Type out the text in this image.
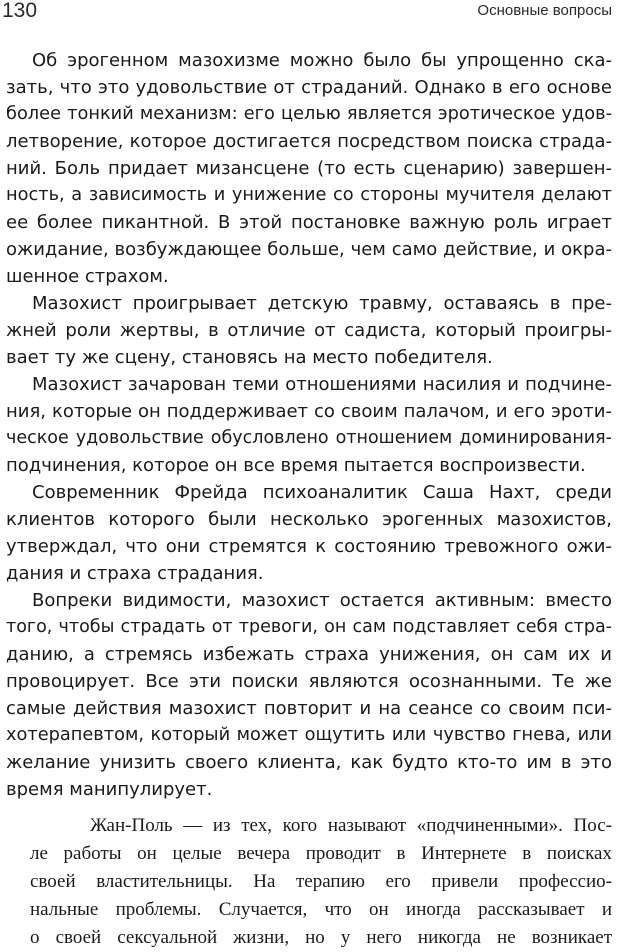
130	Основные вопросы
Об эрогенном мазохизме можно было бы упрощенно ска-
зать, что это удовольствие от страданий. Однако в его основе
более тонкий механизм: его целью является эротическое удов-
летворение, которое достигается посредством поиска страда-
ний. Боль придает мизансцене (то есть сценарию) завершен-
ность, а зависимость и унижение со стороны мучителя делают
ее более пикантной. В этой постановке важную роль играет
ожидание, возбуждающее больше, чем само действие, и окра-
шенное страхом.
Мазохист проигрывает детскую травму, оставаясь в пре-
жней роли жертвы, в отличие от садиста, который проигры-
вает ту же сцену, становясь на место победителя.
Мазохист зачарован теми отношениями насилия и подчине-
ния, которые он поддерживает со своим палачом, и его эроти-
ческое удовольствие обусловлено отношением доминирования-
подчинения, которое он все время пытается воспроизвести.
Современник Фрейда психоаналитик Саша Нахт, среди
клиентов которого были несколько эрогенных мазохистов,
утверждал, что они стремятся к состоянию тревожного ожи-
дания и страха страдания.
Вопреки видимости, мазохист остается активным: вместо
того, чтобы страдать от тревоги, он сам подставляет себя стра-
данию, а стремясь избежать страха унижения, он сам их и
провоцирует. Все эти поиски являются осознанными. Те же
самые действия мазохист повторит и на сеансе со своим пси-
хотерапевтом, который может ощутить или чувство гнева, или
желание унизить своего клиента, как будто кто-то им в это
время манипулирует.
Жан-Поль — из тех, кого называют «подчиненными». Пос-
ле работы он целые вечера проводит в Интернете в поисках
своей властительницы. На терапию его привели профессио-
нальные проблемы. Случается, что он иногда рассказывает и
о своей сексуальной жизни, но у него никогда не возникает
